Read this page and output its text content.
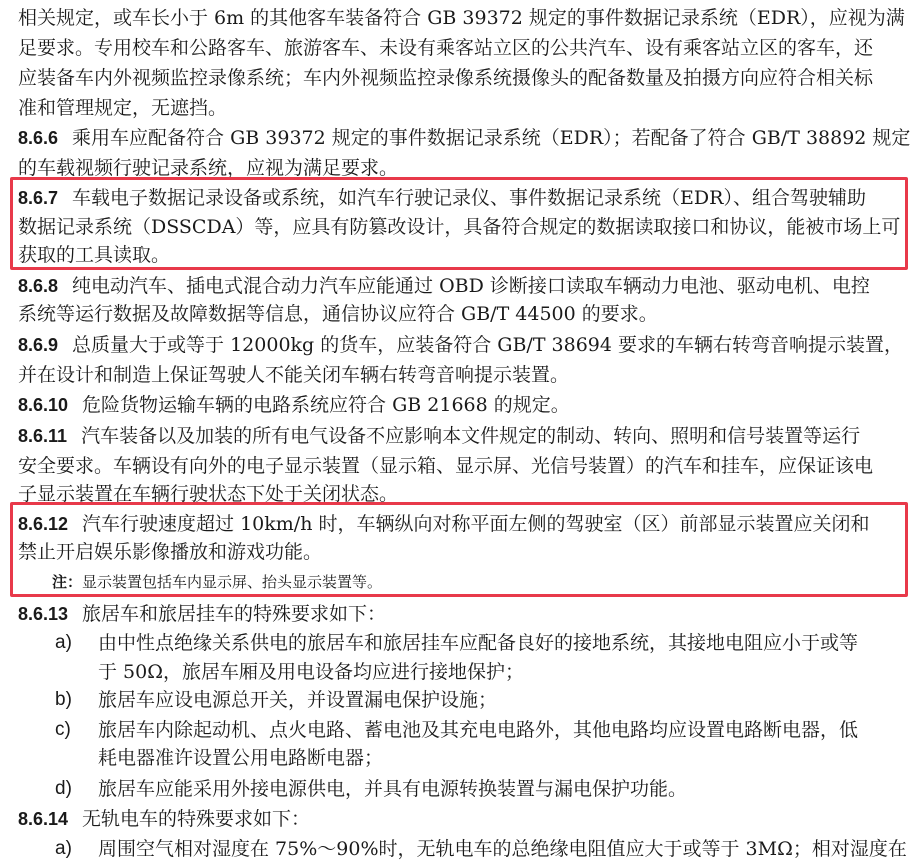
相关规定，或车长小于 6m 的其他客车装备符合 GB 39372 规定的事件数据记录系统（EDR），应视为满
足要求。专用校车和公路客车、旅游客车、未设有乘客站立区的公共汽车、设有乘客站立区的客车，还
应装备车内外视频监控录像系统；车内外视频监控录像系统摄像头的配备数量及拍摄方向应符合相关标
准和管理规定，无遮挡。
8.6.6 乘用车应配备符合 GB 39372 规定的事件数据记录系统（EDR）；若配备了符合 GB/T 38892 规定
的车载视频行驶记录系统，应视为满足要求。
8.6.7 车载电子数据记录设备或系统，如汽车行驶记录仪、事件数据记录系统（EDR）、组合驾驶辅助
数据记录系统（DSSCDA）等，应具有防篡改设计，具备符合规定的数据读取接口和协议，能被市场上可
获取的工具读取。
8.6.8 纯电动汽车、插电式混合动力汽车应能通过 OBD 诊断接口读取车辆动力电池、驱动电机、电控
系统等运行数据及故障数据等信息，通信协议应符合 GB/T 44500 的要求。
8.6.9 总质量大于或等于 12000kg 的货车，应装备符合 GB/T 38694 要求的车辆右转弯音响提示装置，
并在设计和制造上保证驾驶人不能关闭车辆右转弯音响提示装置。
8.6.10 危险货物运输车辆的电路系统应符合 GB 21668 的规定。
8.6.11 汽车装备以及加装的所有电气设备不应影响本文件规定的制动、转向、照明和信号装置等运行
安全要求。车辆设有向外的电子显示装置（显示箱、显示屏、光信号装置）的汽车和挂车，应保证该电
子显示装置在车辆行驶状态下处于关闭状态。
8.6.12 汽车行驶速度超过 10km/h 时，车辆纵向对称平面左侧的驾驶室（区）前部显示装置应关闭和
禁止开启娱乐影像播放和游戏功能。
注：显示装置包括车内显示屏、抬头显示装置等。
8.6.13 旅居车和旅居挂车的特殊要求如下：
a) 由中性点绝缘关系供电的旅居车和旅居挂车应配备良好的接地系统，其接地电阻应小于或等
于 50Ω，旅居车厢及用电设备均应进行接地保护；
b) 旅居车应设电源总开关，并设置漏电保护设施；
c) 旅居车内除起动机、点火电路、蓄电池及其充电电路外，其他电路均应设置电路断电器，低
耗电器准许设置公用电路断电器；
d) 旅居车应能采用外接电源供电，并具有电源转换装置与漏电保护功能。
8.6.14 无轨电车的特殊要求如下：
a) 周围空气相对湿度在 75%～90%时，无轨电车的总绝缘电阻值应大于或等于 3MΩ；相对湿度在
